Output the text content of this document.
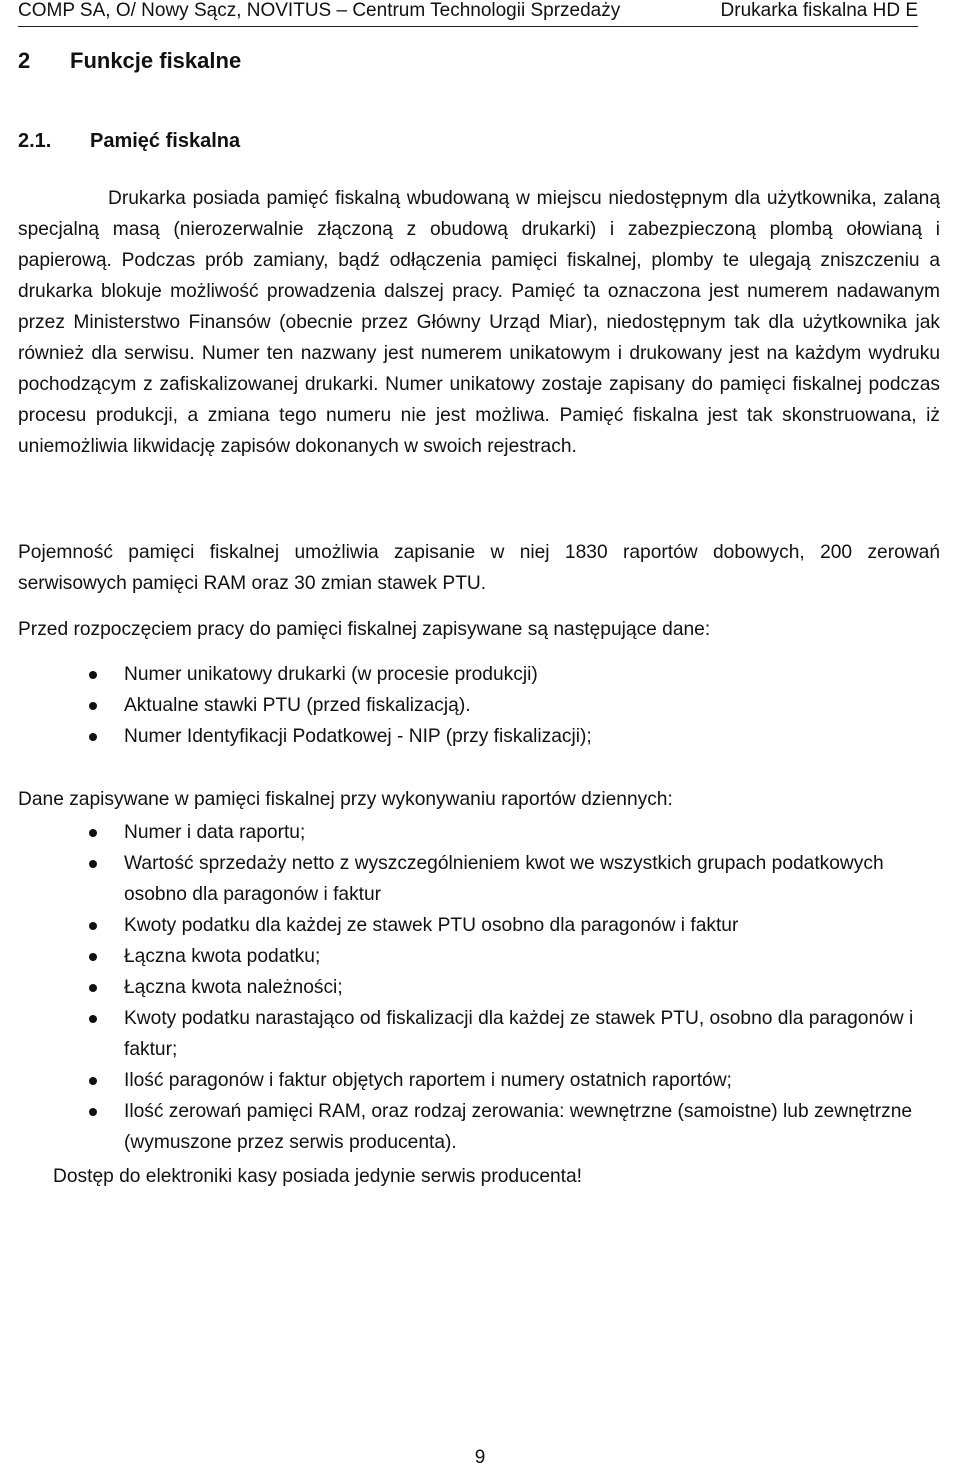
COMP SA, O/ Nowy Sącz, NOVITUS – Centrum Technologii Sprzedaży	Drukarka fiskalna HD E
2 Funkcje fiskalne
2.1. Pamięć fiskalna

Drukarka posiada pamięć fiskalną wbudowaną w miejscu niedostępnym dla użytkownika, zalaną specjalną masą (nierozerwalnie złączoną z obudową drukarki) i zabezpieczoną plombą ołowianą i papierową. Podczas prób zamiany, bądź odłączenia pamięci fiskalnej, plomby te ulegają zniszczeniu a drukarka blokuje możliwość prowadzenia dalszej pracy. Pamięć ta oznaczona jest numerem nadawanym przez Ministerstwo Finansów (obecnie przez Główny Urząd Miar), niedostępnym tak dla użytkownika jak również dla serwisu. Numer ten nazwany jest numerem unikatowym i drukowany jest na każdym wydruku pochodzącym z zafiskalizowanej drukarki. Numer unikatowy zostaje zapisany do pamięci fiskalnej podczas procesu produkcji, a zmiana tego numeru nie jest możliwa. Pamięć fiskalna jest tak skonstruowana, iż uniemożliwia likwidację zapisów dokonanych w swoich rejestrach.

Pojemność pamięci fiskalnej umożliwia zapisanie w niej 1830 raportów dobowych, 200 zerowań serwisowych pamięci RAM oraz 30 zmian stawek PTU.

Przed rozpoczęciem pracy do pamięci fiskalnej zapisywane są następujące dane:

Numer unikatowy drukarki (w procesie produkcji)
Aktualne stawki PTU (przed fiskalizacją).
Numer Identyfikacji Podatkowej - NIP (przy fiskalizacji);

Dane zapisywane w pamięci fiskalnej przy wykonywaniu raportów dziennych:

Numer i data raportu;
Wartość sprzedaży netto z wyszczególnieniem kwot we wszystkich grupach podatkowych osobno dla paragonów i faktur
Kwoty podatku dla każdej ze stawek PTU osobno dla paragonów i faktur
Łączna kwota podatku;
Łączna kwota należności;
Kwoty podatku narastająco od fiskalizacji dla każdej ze stawek PTU, osobno dla paragonów i faktur;
Ilość paragonów i faktur objętych raportem i numery ostatnich raportów;
Ilość zerowań pamięci RAM, oraz rodzaj zerowania: wewnętrzne (samoistne) lub zewnętrzne (wymuszone przez serwis producenta).

Dostęp do elektroniki kasy posiada jedynie serwis producenta!

9
